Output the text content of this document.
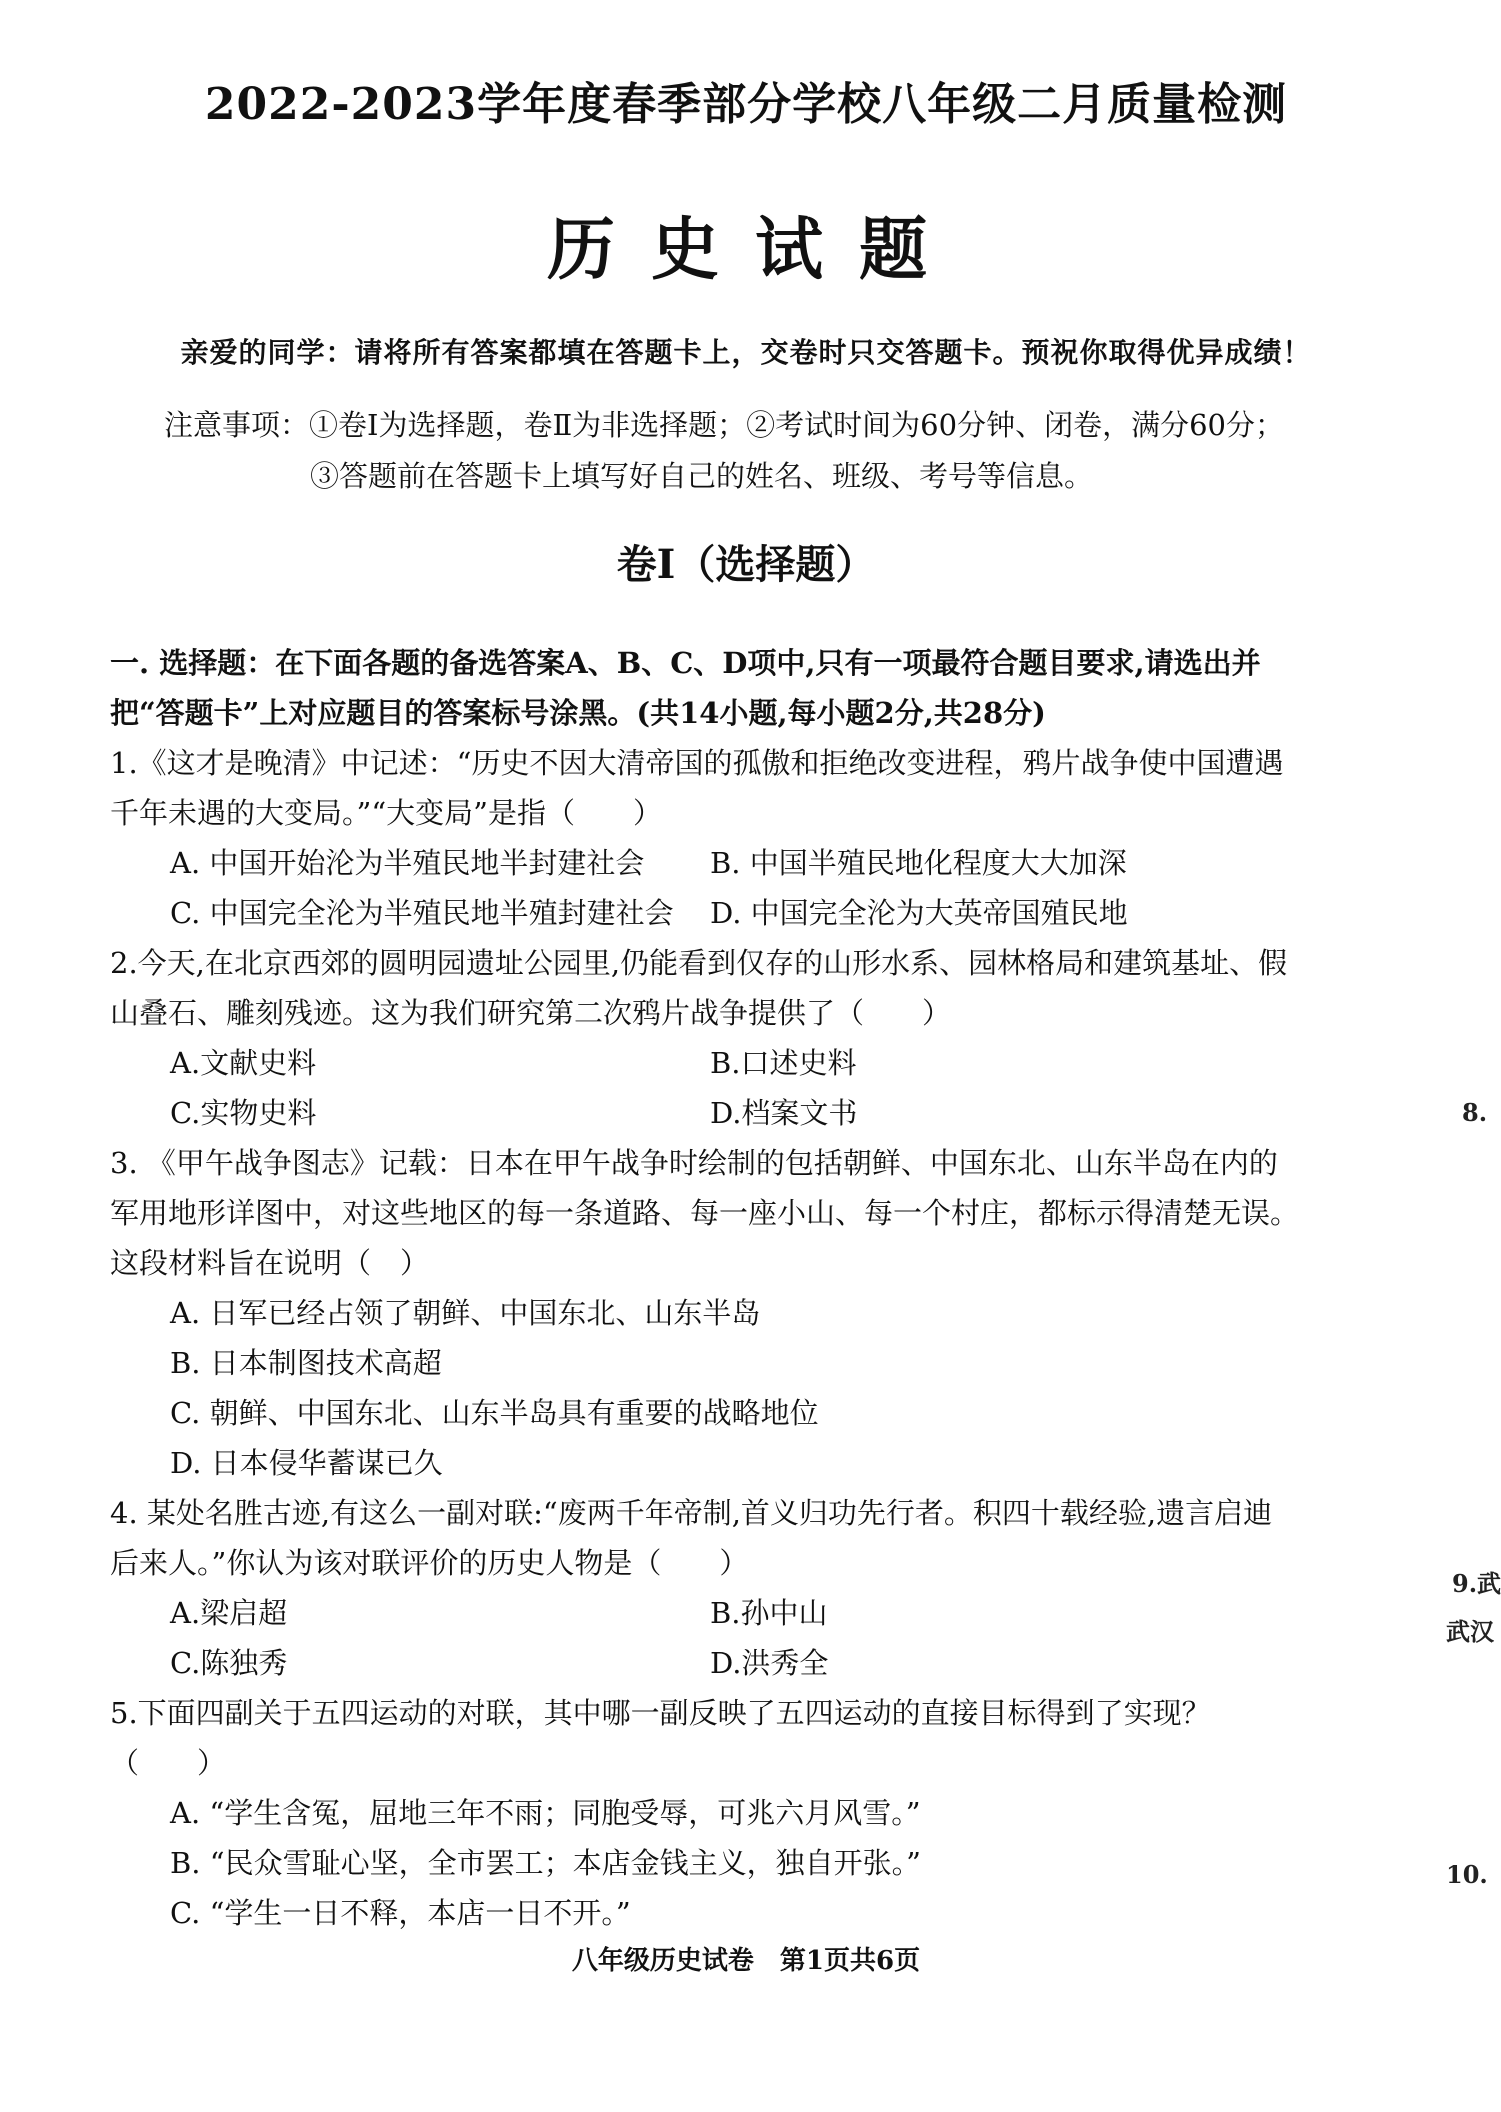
2022-2023学年度春季部分学校八年级二月质量检测
历史试题
亲爱的同学：请将所有答案都填在答题卡上，交卷时只交答题卡。预祝你取得优异成绩！
注意事项：①卷Ⅰ为选择题，卷Ⅱ为非选择题；②考试时间为60分钟、闭卷，满分60分；
③答题前在答题卡上填写好自己的姓名、班级、考号等信息。
卷Ⅰ（选择题）
一. 选择题：在下面各题的备选答案A、B、C、D项中,只有一项最符合题目要求,请选出并把“答题卡”上对应题目的答案标号涂黑。(共14小题,每小题2分,共28分)
1.《这才是晚清》中记述：“历史不因大清帝国的孤傲和拒绝改变进程，鸦片战争使中国遭遇千年未遇的大变局。”“大变局”是指（　　）
A. 中国开始沦为半殖民地半封建社会	B. 中国半殖民地化程度大大加深
C. 中国完全沦为半殖民地半殖封建社会	D. 中国完全沦为大英帝国殖民地
2.今天,在北京西郊的圆明园遗址公园里,仍能看到仅存的山形水系、园林格局和建筑基址、假山叠石、雕刻残迹。这为我们研究第二次鸦片战争提供了（　　）
A.文献史料	B.口述史料
C.实物史料	D.档案文书
3. 《甲午战争图志》记载：日本在甲午战争时绘制的包括朝鲜、中国东北、山东半岛在内的军用地形详图中，对这些地区的每一条道路、每一座小山、每一个村庄，都标示得清楚无误。这段材料旨在说明（　）
A. 日军已经占领了朝鲜、中国东北、山东半岛
B. 日本制图技术高超
C. 朝鲜、中国东北、山东半岛具有重要的战略地位
D. 日本侵华蓄谋已久
4. 某处名胜古迹,有这么一副对联:“废两千年帝制,首义归功先行者。积四十载经验,遗言启迪后来人。”你认为该对联评价的历史人物是（　　）
A.梁启超	B.孙中山
C.陈独秀	D.洪秀全
5.下面四副关于五四运动的对联，其中哪一副反映了五四运动的直接目标得到了实现？（　　）
A. “学生含冤，屈地三年不雨；同胞受辱，可兆六月风雪。”
B. “民众雪耻心坚，全市罢工；本店金钱主义，独自开张。”
C. “学生一日不释，本店一日不开。”
8.
9.武
武汉
10.
八年级历史试卷　第1页共6页
